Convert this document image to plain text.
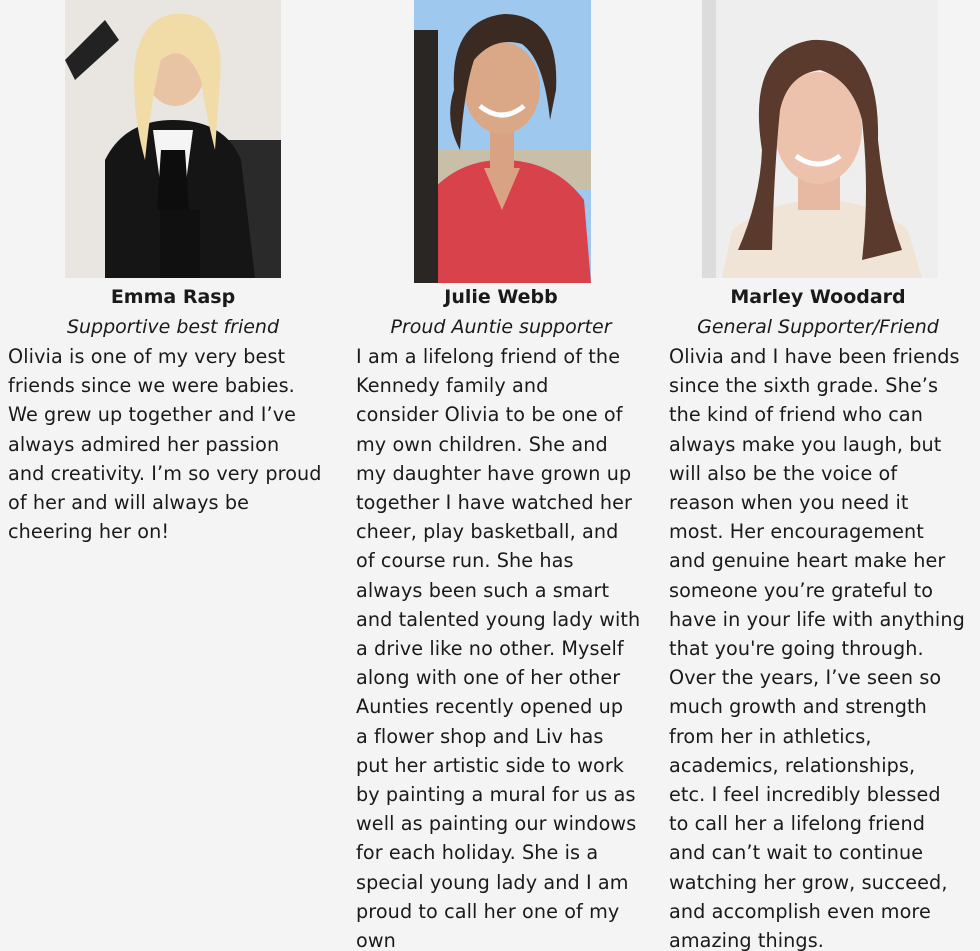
Emma Rasp
Supportive best friend
Olivia is one of my very best
friends since we were babies.
We grew up together and I’ve
always admired her passion
and creativity. I’m so very proud
of her and will always be
cheering her on!
Julie Webb
Proud Auntie supporter
I am a lifelong friend of the
Kennedy family and
consider Olivia to be one of
my own children. She and
my daughter have grown up
together I have watched her
cheer, play basketball, and
of course run. She has
always been such a smart
and talented young lady with
a drive like no other. Myself
along with one of her other
Aunties recently opened up
a flower shop and Liv has
put her artistic side to work
by painting a mural for us as
well as painting our windows
for each holiday. She is a
special young lady and I am
proud to call her one of my
own
Marley Woodard
General Supporter/Friend
Olivia and I have been friends
since the sixth grade. She’s
the kind of friend who can
always make you laugh, but
will also be the voice of
reason when you need it
most. Her encouragement
and genuine heart make her
someone you’re grateful to
have in your life with anything
that you're going through.
Over the years, I’ve seen so
much growth and strength
from her in athletics,
academics, relationships,
etc. I feel incredibly blessed
to call her a lifelong friend
and can’t wait to continue
watching her grow, succeed,
and accomplish even more
amazing things.
